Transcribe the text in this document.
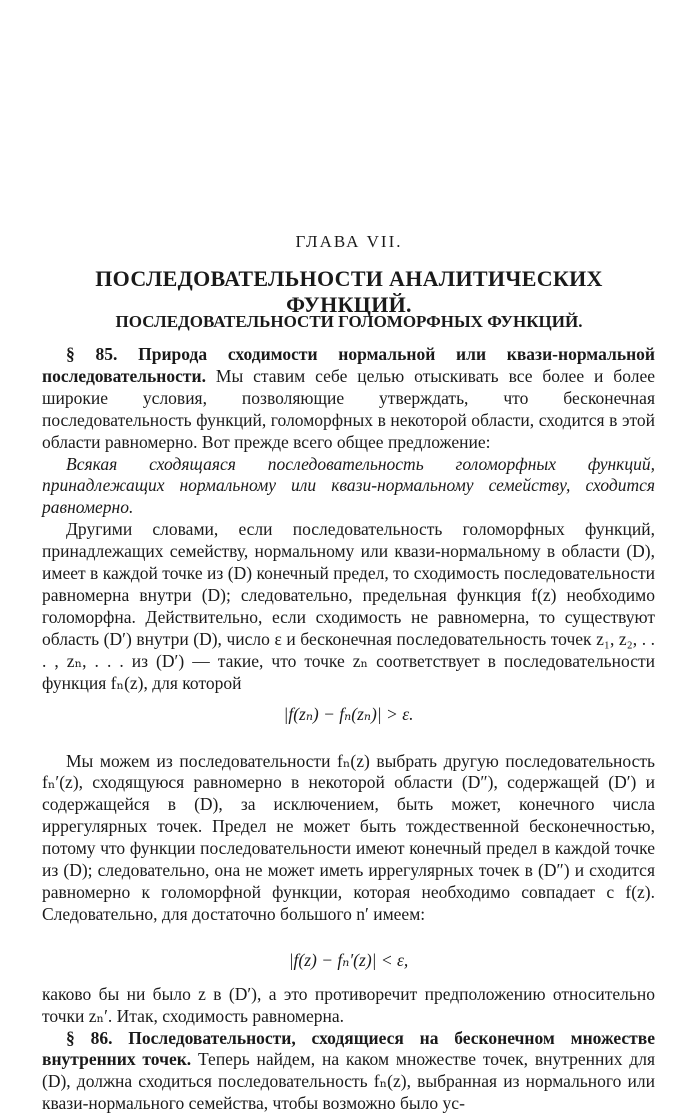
ГЛАВА VII.
ПОСЛЕДОВАТЕЛЬНОСТИ АНАЛИТИЧЕСКИХ ФУНКЦИЙ.
ПОСЛЕДОВАТЕЛЬНОСТИ ГОЛОМОРФНЫХ ФУНКЦИЙ.

§ 85. Природа сходимости нормальной или квази-нормальной последовательности. Мы ставим себе целью отыскивать все более и более широкие условия, позволяющие утверждать, что бесконечная последовательность функций, голоморфных в некоторой области, сходится в этой области равномерно. Вот прежде всего общее предложение:

Всякая сходящаяся последовательность голоморфных функций, принадлежащих нормальному или квази-нормальному семейству, сходится равномерно.

Другими словами, если последовательность голоморфных функций, принадлежащих семейству, нормальному или квази-нормальному в области (D), имеет в каждой точке из (D) конечный предел, то сходимость последовательности равномерна внутри (D); следовательно, предельная функция f(z) необходимо голоморфна. Действительно, если сходимость не равномерна, то существуют область (D′) внутри (D), число ε и бесконечная последовательность точек z₁, z₂, . . . , zₙ, . . . из (D′) — такие, что точке zₙ соответствует в последовательности функция fₙ(z), для которой

|f(zₙ) − fₙ(zₙ)| > ε.

Мы можем из последовательности fₙ(z) выбрать другую последовательность fₙ′(z), сходящуюся равномерно в некоторой области (D″), содержащей (D′) и содержащейся в (D), за исключением, быть может, конечного числа иррегулярных точек. Предел не может быть тождественной бесконечностью, потому что функции последовательности имеют конечный предел в каждой точке из (D); следовательно, она не может иметь иррегулярных точек в (D″) и сходится равномерно к голоморфной функции, которая необходимо совпадает с f(z). Следовательно, для достаточно большого n′ имеем:

|f(z) − fₙ′(z)| < ε,

каково бы ни было z в (D′), а это противоречит предположению относительно точки zₙ′. Итак, сходимость равномерна.

§ 86. Последовательности, сходящиеся на бесконечном множестве внутренних точек. Теперь найдем, на каком множестве точек, внутренних для (D), должна сходиться последовательность fₙ(z), выбранная из нормального или квази-нормального семейства, чтобы возможно было ус-
